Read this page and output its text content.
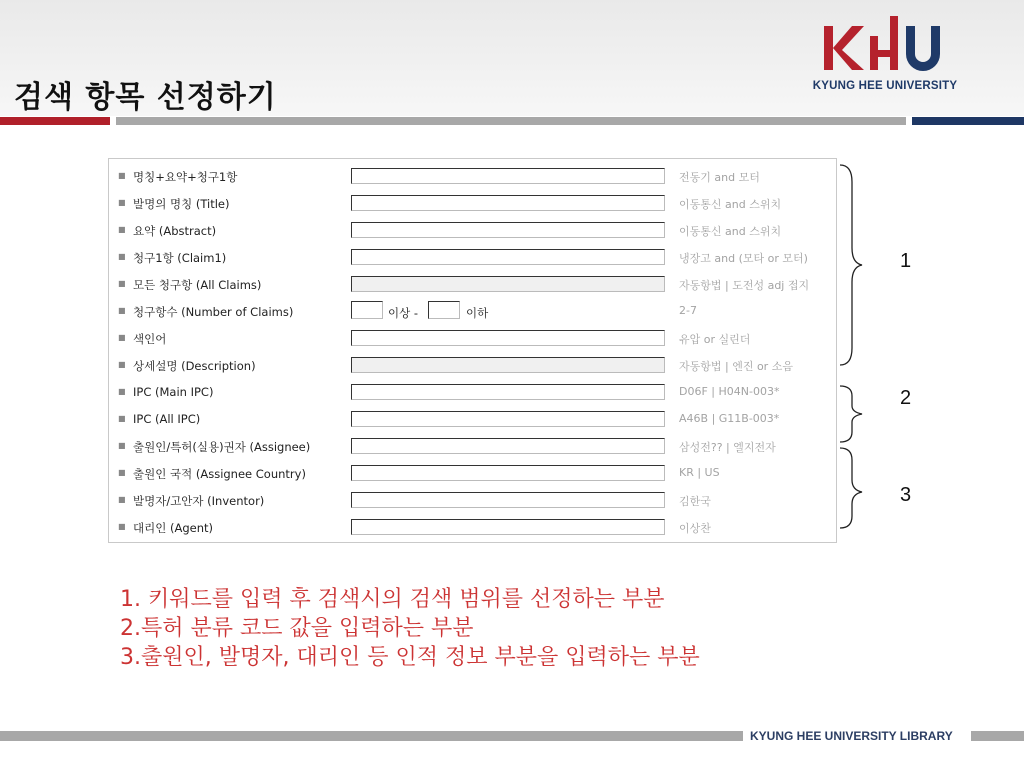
검색 항목 선정하기	KYUNG HEE UNIVERSITY
■ 명칭+요약+청구1항	전동기 and 모터
■ 발명의 명칭 (Title)	이동통신 and 스위치
■ 요약 (Abstract)	이동통신 and 스위치
■ 청구1항 (Claim1)	냉장고 and (모타 or 모터)
■ 모든 청구항 (All Claims)	자동항법 | 도전성 adj 접지
■ 청구항수 (Number of Claims)	이상 -	이하	2-7
■ 색인어	유압 or 실린더
■ 상세설명 (Description)	자동항법 | 엔진 or 소음
■ IPC (Main IPC)	D06F | H04N-003*
■ IPC (All IPC)	A46B | G11B-003*
■ 출원인/특허(실용)권자 (Assignee)	삼성전?? | 엘지전자
■ 출원인 국적 (Assignee Country)	KR | US
■ 발명자/고안자 (Inventor)	김한국
■ 대리인 (Agent)	이상찬
1
2
3
1. 키워드를 입력 후 검색시의 검색 범위를 선정하는 부분
2.특허 분류 코드 값을 입력하는 부분
3.출원인, 발명자, 대리인 등 인적 정보 부분을 입력하는 부분
KYUNG HEE UNIVERSITY LIBRARY
